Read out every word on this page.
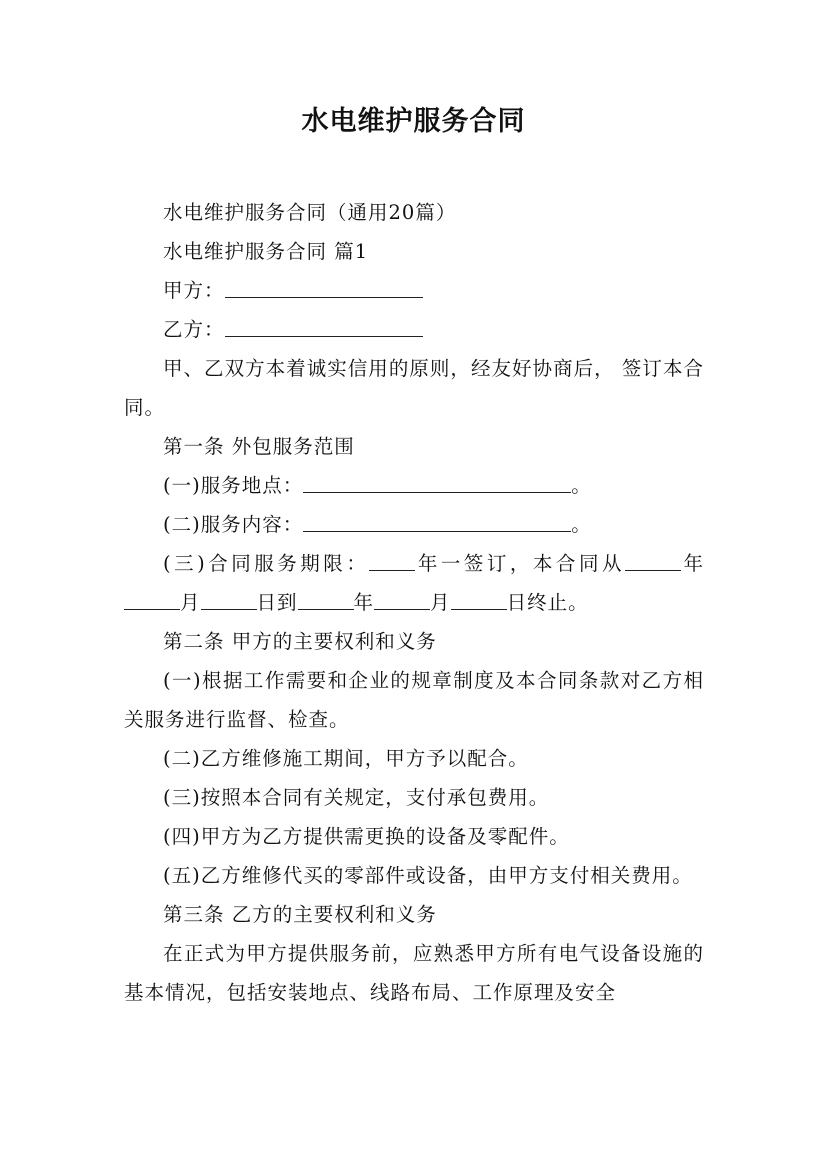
水电维护服务合同

水电维护服务合同（通用20篇）

水电维护服务合同 篇1

甲方：

乙方：

甲、乙双方本着诚实信用的原则，经友好协商后， 签订本合同。

第一条 外包服务范围

(一)服务地点：	。

(二)服务内容：	。

(三)合同服务期限： 年一签订，本合同从	年月	日到	年	月	日终止。

第二条 甲方的主要权利和义务

(一)根据工作需要和企业的规章制度及本合同条款对乙方相关服务进行监督、检查。

(二)乙方维修施工期间，甲方予以配合。

(三)按照本合同有关规定，支付承包费用。

(四)甲方为乙方提供需更换的设备及零配件。

(五)乙方维修代买的零部件或设备，由甲方支付相关费用。

第三条 乙方的主要权利和义务

在正式为甲方提供服务前，应熟悉甲方所有电气设备设施的基本情况，包括安装地点、线路布局、工作原理及安全
